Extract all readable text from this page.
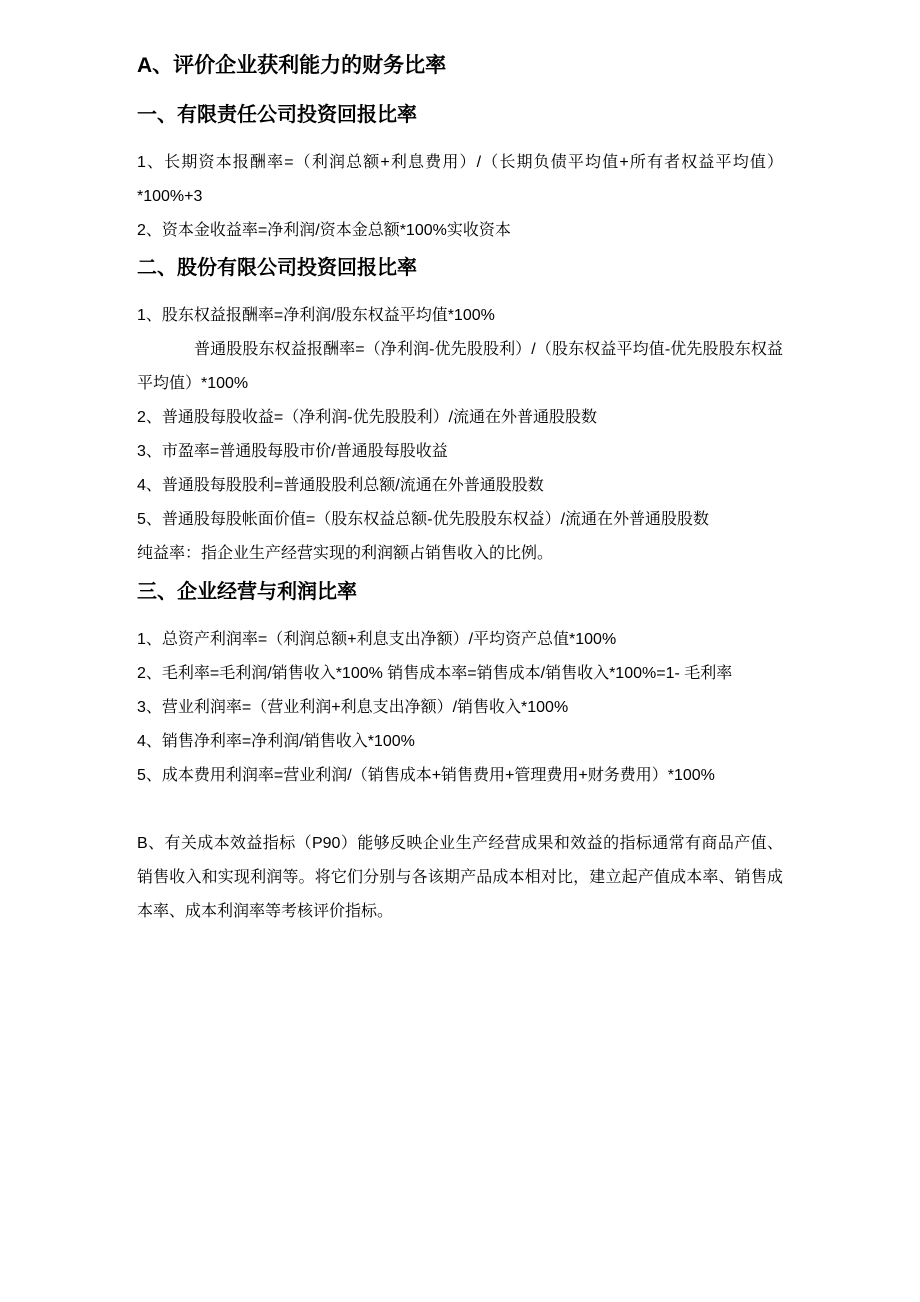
A、评价企业获利能力的财务比率

一、有限责任公司投资回报比率

1、长期资本报酬率=（利润总额+利息费用）/（长期负债平均值+所有者权益平均值）*100%+3

2、资本金收益率=净利润/资本金总额*100%实收资本

二、股份有限公司投资回报比率

1、股东权益报酬率=净利润/股东权益平均值*100%

普通股股东权益报酬率=（净利润-优先股股利）/（股东权益平均值-优先股股东权益平均值）*100%

2、普通股每股收益=（净利润-优先股股利）/流通在外普通股股数

3、市盈率=普通股每股市价/普通股每股收益

4、普通股每股股利=普通股股利总额/流通在外普通股股数

5、普通股每股帐面价值=（股东权益总额-优先股股东权益）/流通在外普通股股数

纯益率：指企业生产经营实现的利润额占销售收入的比例。

三、企业经营与利润比率

1、总资产利润率=（利润总额+利息支出净额）/平均资产总值*100%

2、毛利率=毛利润/销售收入*100% 销售成本率=销售成本/销售收入*100%=1- 毛利率

3、营业利润率=（营业利润+利息支出净额）/销售收入*100%

4、销售净利率=净利润/销售收入*100%

5、成本费用利润率=营业利润/（销售成本+销售费用+管理费用+财务费用）*100%

B、有关成本效益指标（P90）能够反映企业生产经营成果和效益的指标通常有商品产值、销售收入和实现利润等。将它们分别与各该期产品成本相对比，建立起产值成本率、销售成本率、成本利润率等考核评价指标。
